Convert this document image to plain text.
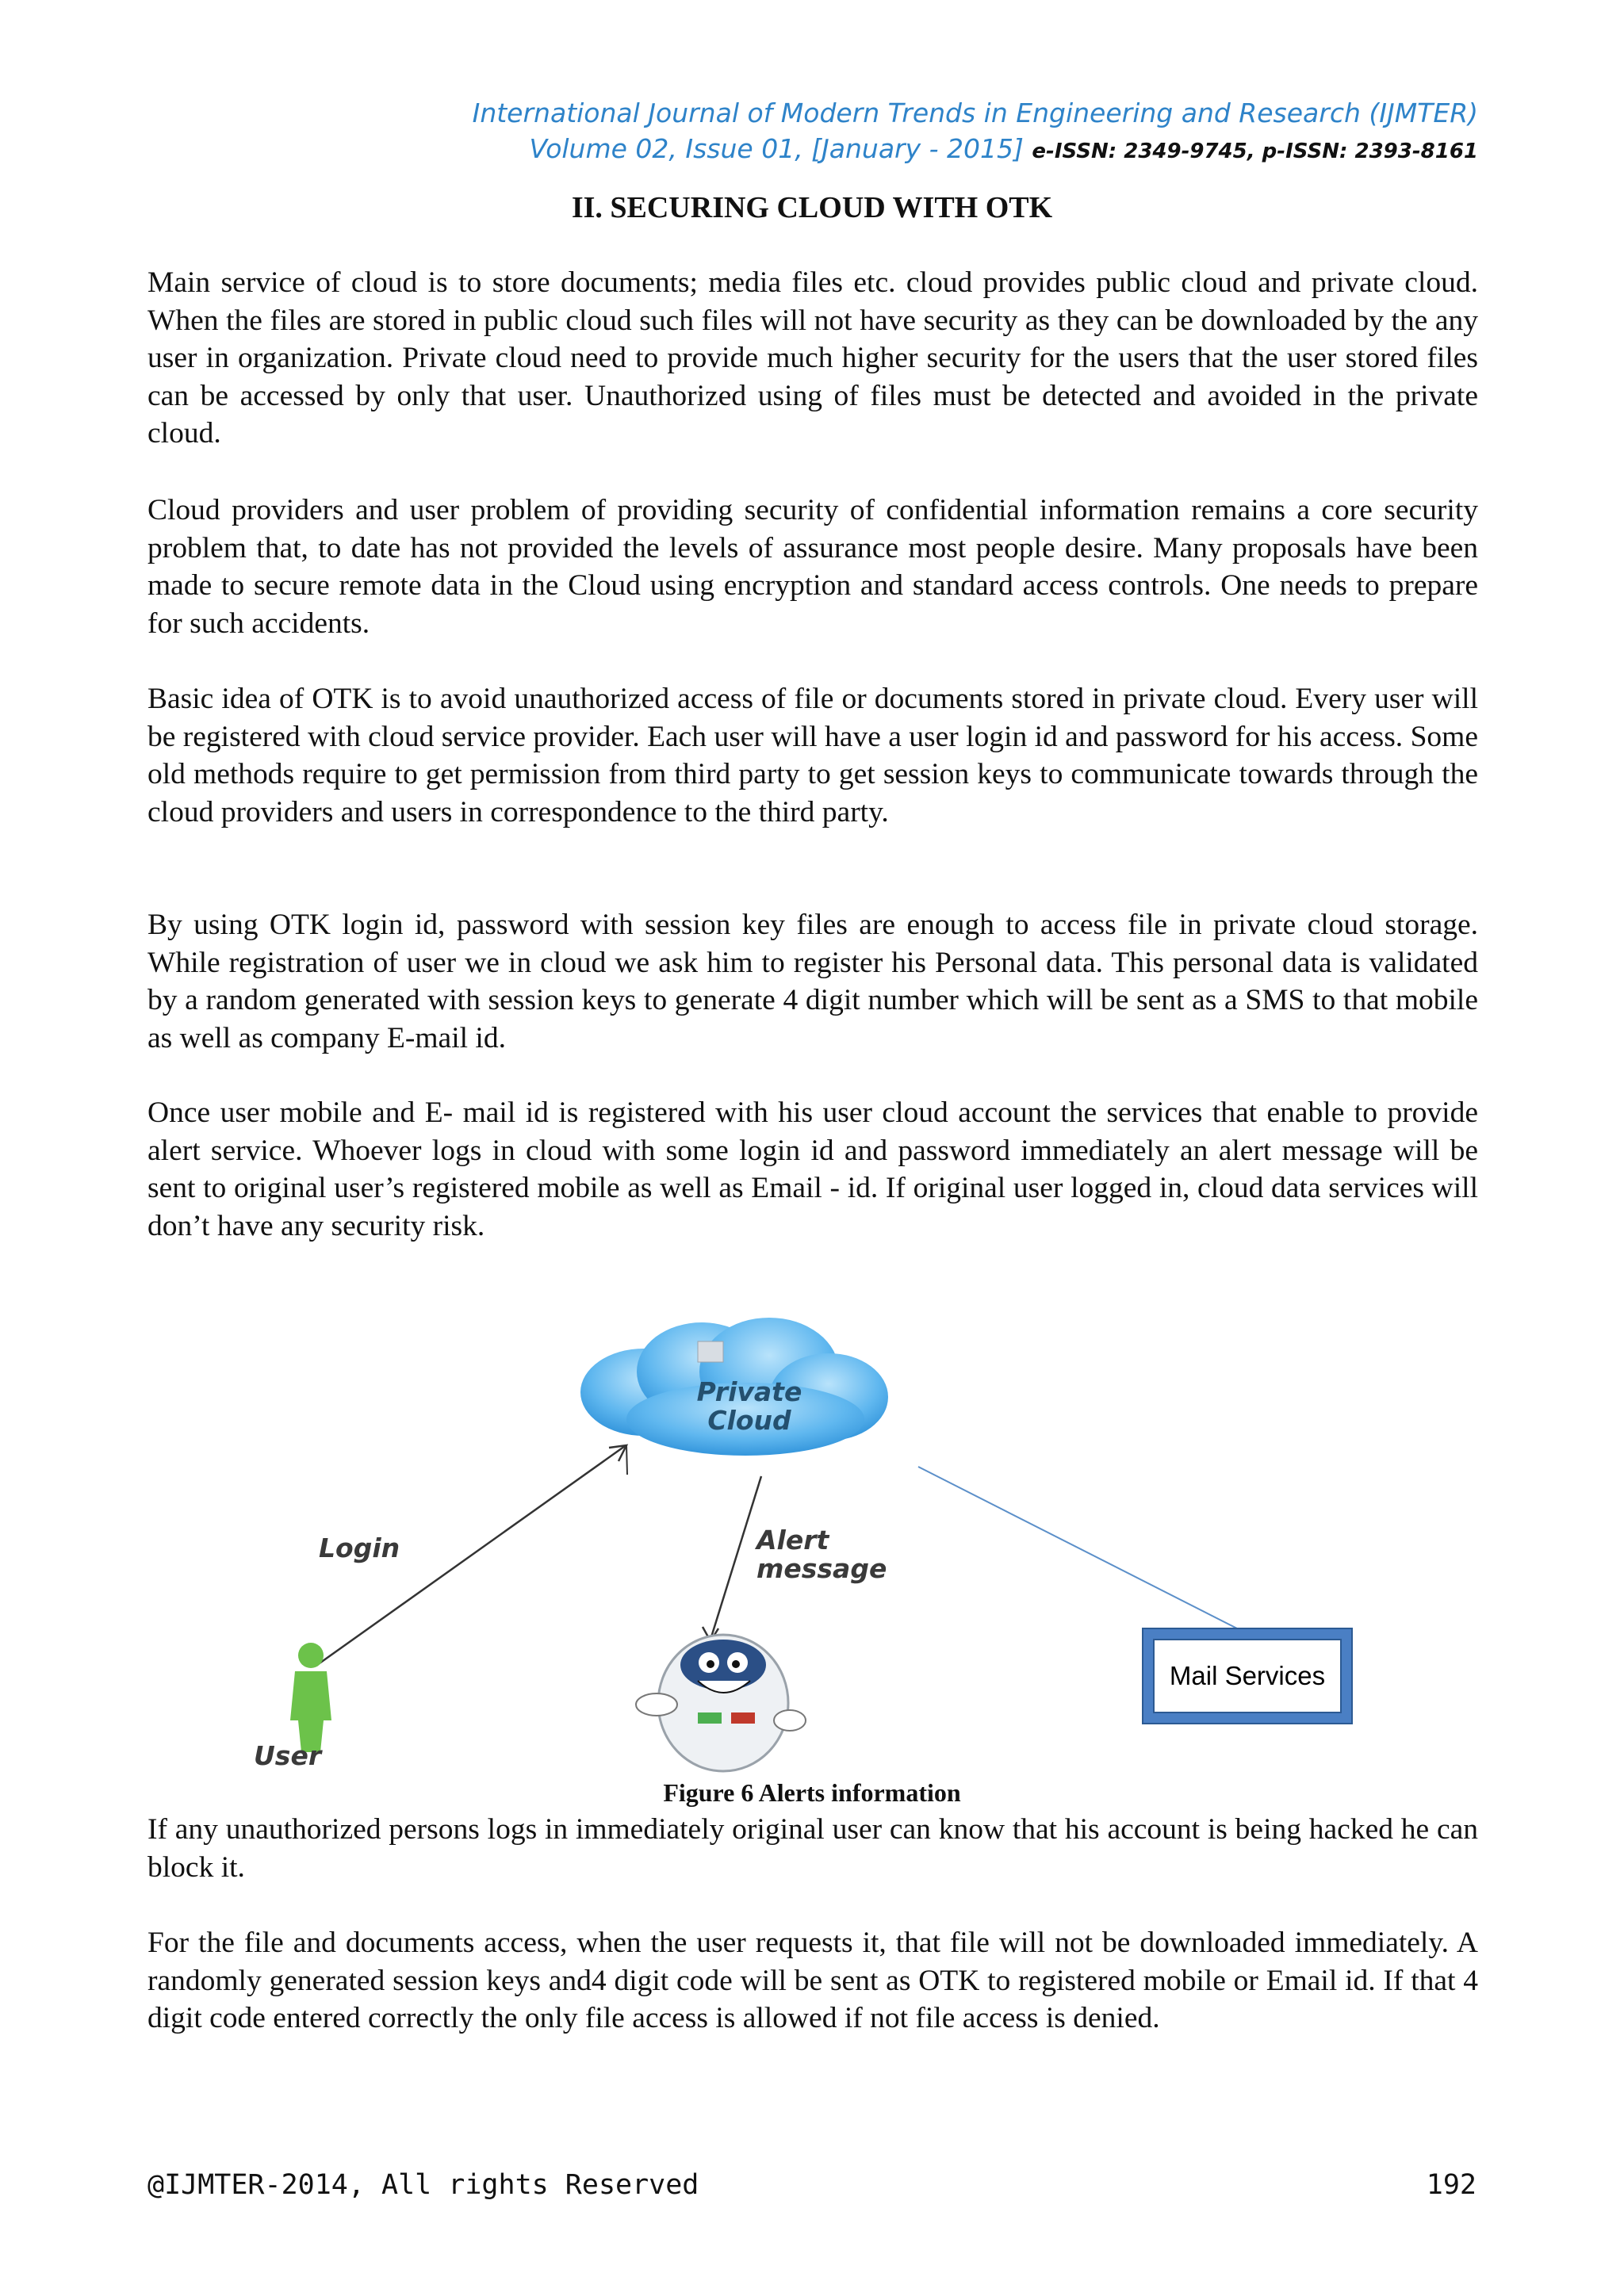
International Journal of Modern Trends in Engineering and Research (IJMTER)
Volume 02, Issue 01, [January - 2015] e-ISSN: 2349-9745, p-ISSN: 2393-8161
II. SECURING CLOUD WITH OTK

Main service of cloud is to store documents; media files etc. cloud provides public cloud and private cloud. When the files are stored in public cloud such files will not have security as they can be downloaded by the any user in organization. Private cloud need to provide much higher security for the users that the user stored files can be accessed by only that user. Unauthorized using of files must be detected and avoided in the private cloud.

Cloud providers and user problem of providing security of confidential information remains a core security problem that, to date has not provided the levels of assurance most people desire. Many proposals have been made to secure remote data in the Cloud using encryption and standard access controls. One needs to prepare for such accidents.

Basic idea of OTK is to avoid unauthorized access of file or documents stored in private cloud. Every user will be registered with cloud service provider. Each user will have a user login id and password for his access. Some old methods require to get permission from third party to get session keys to communicate towards through the cloud providers and users in correspondence to the third party.

By using OTK login id, password with session key files are enough to access file in private cloud storage. While registration of user we in cloud we ask him to register his Personal data. This personal data is validated by a random generated with session keys to generate 4 digit number which will be sent as a SMS to that mobile as well as company E-mail id.

Once user mobile and E- mail id is registered with his user cloud account the services that enable to provide alert service. Whoever logs in cloud with some login id and password immediately an alert message will be sent to original user’s registered mobile as well as Email - id. If original user logged in, cloud data services will don’t have any security risk.

Private
Cloud
Login	Alert
message
User
Mail Services
Figure 6 Alerts information

If any unauthorized persons logs in immediately original user can know that his account is being hacked he can block it.

For the file and documents access, when the user requests it, that file will not be downloaded immediately. A randomly generated session keys and4 digit code will be sent as OTK to registered mobile or Email id. If that 4 digit code entered correctly the only file access is allowed if not file access is denied.

@IJMTER-2014, All rights Reserved	192
